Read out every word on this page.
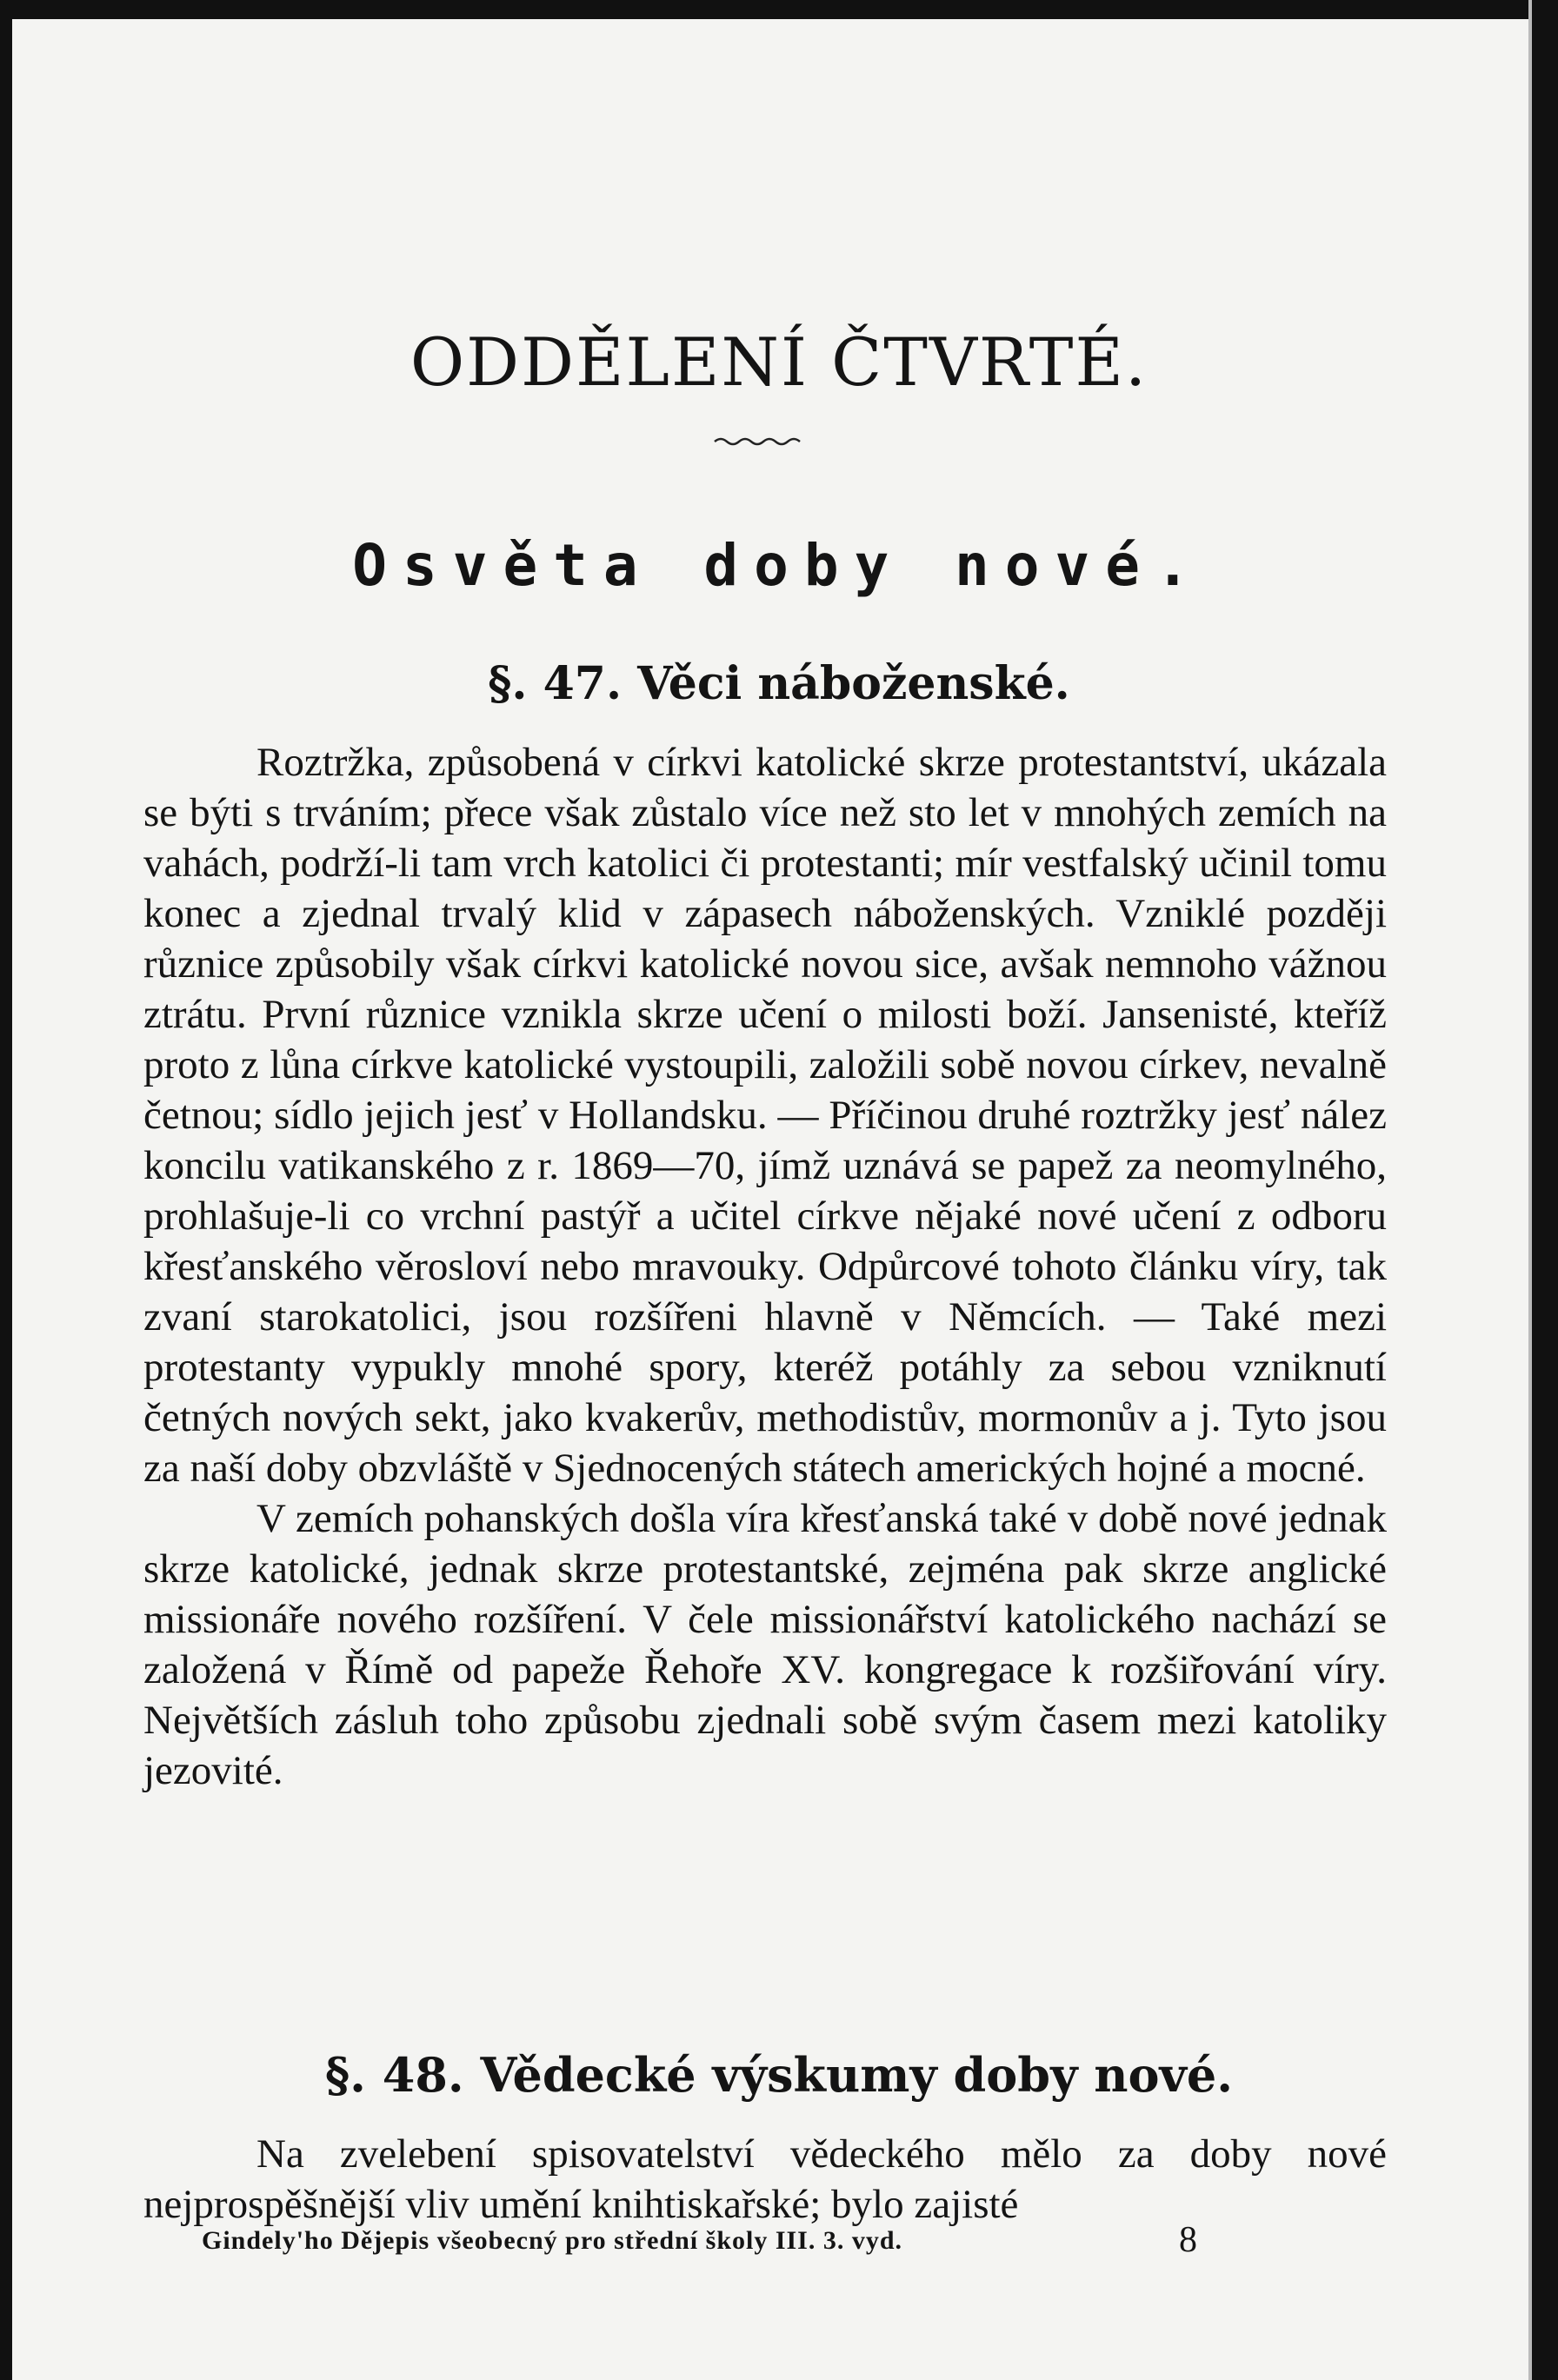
ODDĚLENÍ ČTVRTÉ.
Osvěta doby nové.
§. 47. Věci náboženské.

Roztržka, způsobená v církvi katolické skrze protestantství, ukázala se býti s trváním; přece však zůstalo více než sto let v mnohých zemích na vahách, podrží-li tam vrch katolici či protestanti; mír vestfalský učinil tomu konec a zjednal trvalý klid v zápasech náboženských. Vzniklé později různice způsobily však církvi katolické novou sice, avšak nemnoho vážnou ztrátu. První různice vznikla skrze učení o milosti boží. Jansenisté, kteříž proto z lůna církve katolické vystoupili, založili sobě novou církev, nevalně četnou; sídlo jejich jesť v Hollandsku. — Příčinou druhé roztržky jesť nález koncilu vatikanského z r. 1869—70, jímž uznává se papež za neomylného, prohlašuje-li co vrchní pastýř a učitel církve nějaké nové učení z odboru křesťanského věrosloví nebo mravouky. Odpůrcové tohoto článku víry, tak zvaní starokatolici, jsou rozšířeni hlavně v Němcích. — Také mezi protestanty vypukly mnohé spory, kteréž potáhly za sebou vzniknutí četných nových sekt, jako kvakerův, methodistův, mormonův a j. Tyto jsou za naší doby obzvláště v Sjednocených státech amerických hojné a mocné.

V zemích pohanských došla víra křesťanská také v době nové jednak skrze katolické, jednak skrze protestantské, zejména pak skrze anglické missionáře nového rozšíření. V čele missionářství katolického nachází se založená v Římě od papeže Řehoře XV. kongregace k rozšiřování víry. Největších zásluh toho způsobu zjednali sobě svým časem mezi katoliky jezovité.

§. 48. Vědecké výskumy doby nové.

Na zvelebení spisovatelství vědeckého mělo za doby nové nejprospěšnější vliv umění knihtiskařské; bylo zajisté

Gindely'ho Dějepis všeobecný pro střední školy III. 3. vyd.	8
